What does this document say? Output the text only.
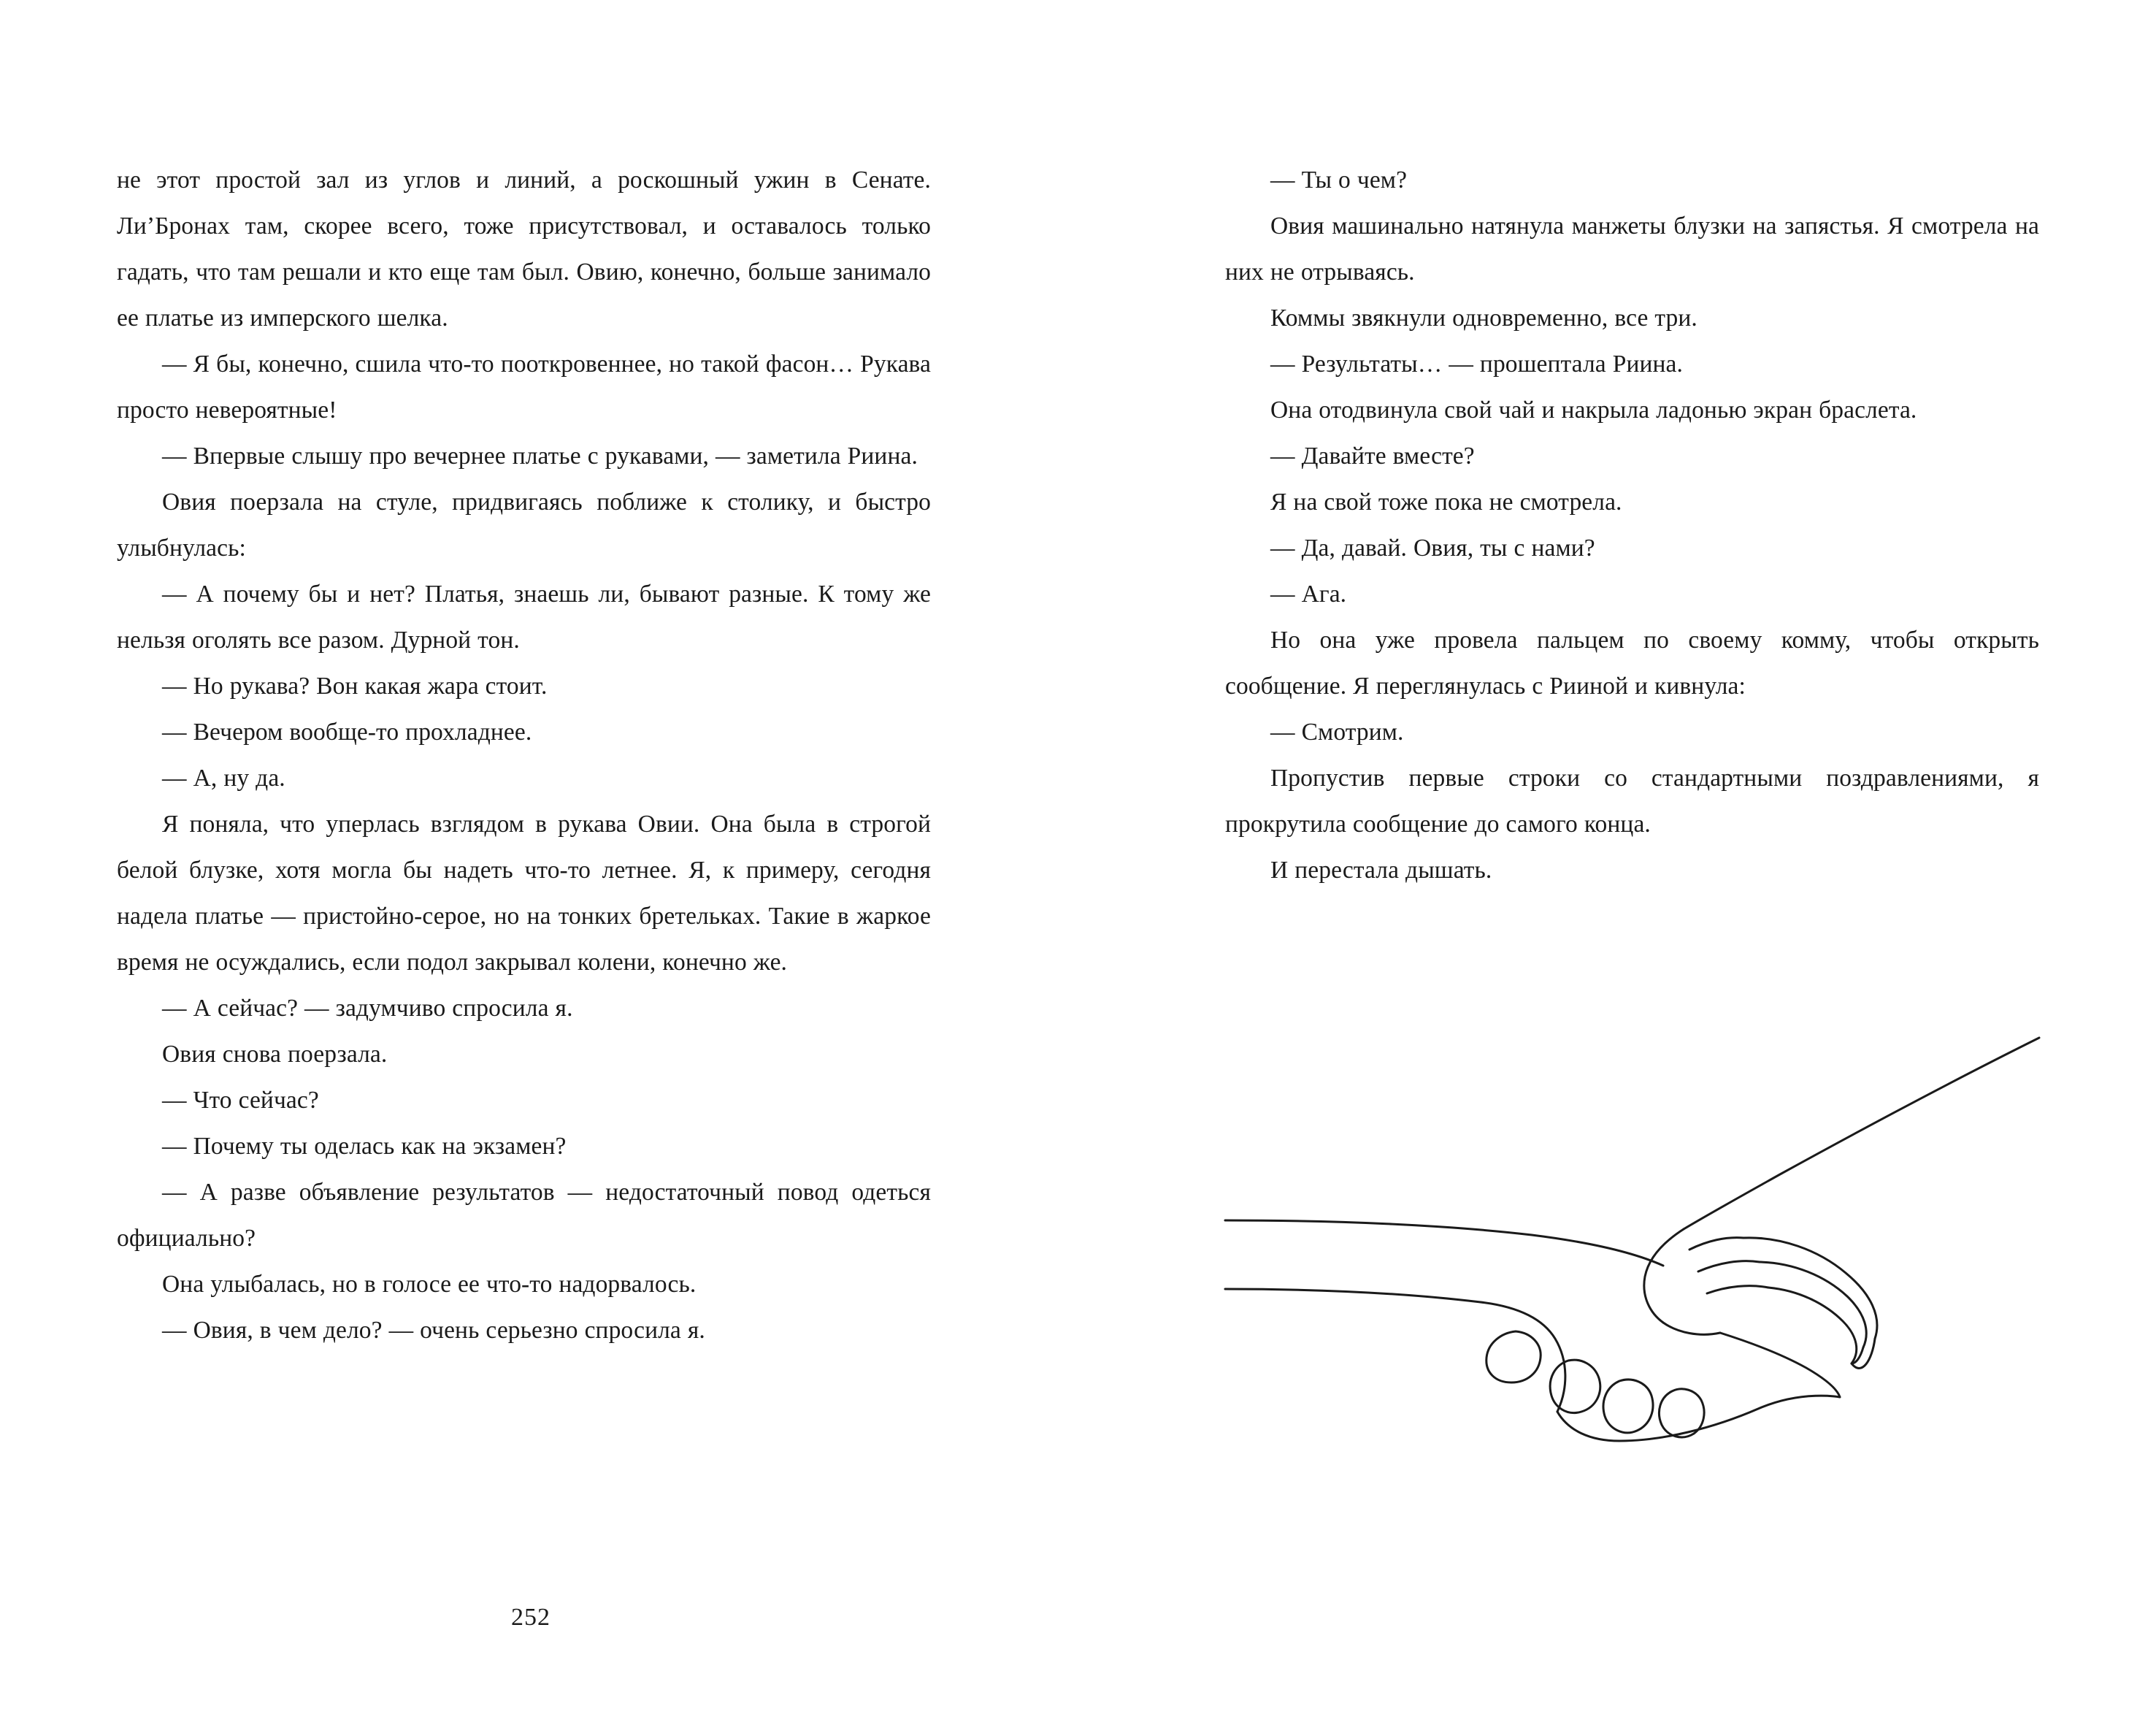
не этот простой зал из углов и линий, а роскошный ужин в Сенате. Ли’Бронах там, скорее всего, тоже присутствовал, и оставалось только гадать, что там решали и кто еще там был. Овию, конечно, больше занимало ее платье из имперского шелка.

— Я бы, конечно, сшила что-то пооткровеннее, но такой фасон… Рукава просто невероятные!

— Впервые слышу про вечернее платье с рукавами, — заметила Риина.

Овия поерзала на стуле, придвигаясь поближе к столику, и быстро улыбнулась:

— А почему бы и нет? Платья, знаешь ли, бывают разные. К тому же нельзя оголять все разом. Дурной тон.

— Но рукава? Вон какая жара стоит.

— Вечером вообще-то прохладнее.

— А, ну да.

Я поняла, что уперлась взглядом в рукава Овии. Она была в строгой белой блузке, хотя могла бы надеть что-то летнее. Я, к примеру, сегодня надела платье — пристойно-серое, но на тонких бретельках. Такие в жаркое время не осуждались, если подол закрывал колени, конечно же.

— А сейчас? — задумчиво спросила я.

Овия снова поерзала.

— Что сейчас?

— Почему ты оделась как на экзамен?

— А разве объявление результатов — недостаточный повод одеться официально?

Она улыбалась, но в голосе ее что-то надорвалось.

— Овия, в чем дело? — очень серьезно спросила я.

— Ты о чем?

Овия машинально натянула манжеты блузки на запястья. Я смотрела на них не отрываясь.

Коммы звякнули одновременно, все три.

— Результаты… — прошептала Риина.

Она отодвинула свой чай и накрыла ладонью экран браслета.

— Давайте вместе?

Я на свой тоже пока не смотрела.

— Да, давай. Овия, ты с нами?

— Ага.

Но она уже провела пальцем по своему комму, чтобы открыть сообщение. Я переглянулась с Рииной и кивнула:

— Смотрим.

Пропустив первые строки со стандартными поздравлениями, я прокрутила сообщение до самого конца.

И перестала дышать.

252
